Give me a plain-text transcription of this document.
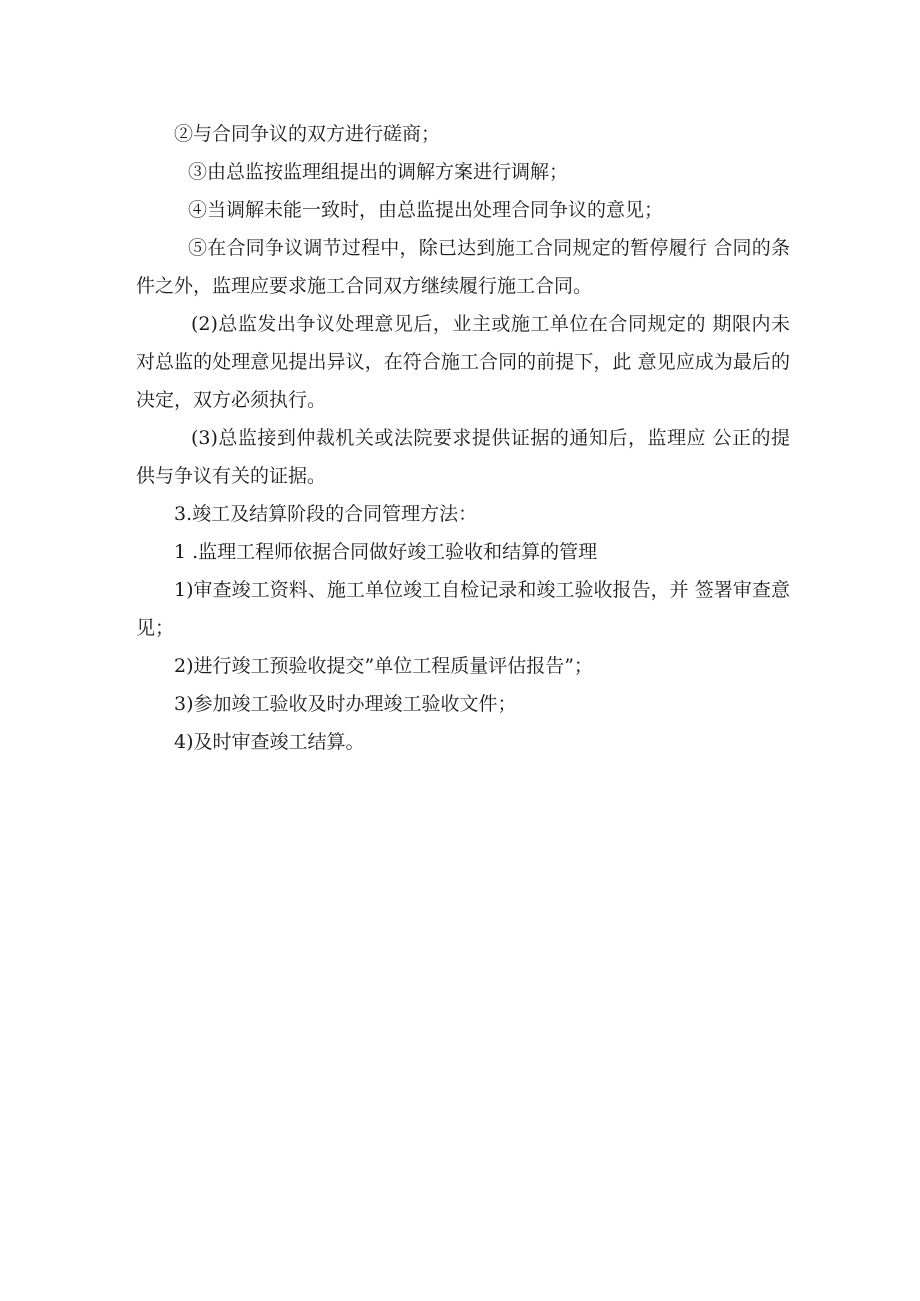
②与合同争议的双方进行磋商；

③由总监按监理组提出的调解方案进行调解；

④当调解未能一致时，由总监提出处理合同争议的意见；

⑤在合同争议调节过程中，除已达到施工合同规定的暂停履行 合同的条件之外，监理应要求施工合同双方继续履行施工合同。

(2)总监发出争议处理意见后，业主或施工单位在合同规定的 期限内未对总监的处理意见提出异议，在符合施工合同的前提下，此 意见应成为最后的决定，双方必须执行。

(3)总监接到仲裁机关或法院要求提供证据的通知后，监理应 公正的提供与争议有关的证据。

3.竣工及结算阶段的合同管理方法：

1 .监理工程师依据合同做好竣工验收和结算的管理

1)审查竣工资料、施工单位竣工自检记录和竣工验收报告，并 签署审查意见；

2)进行竣工预验收提交”单位工程质量评估报告”；

3)参加竣工验收及时办理竣工验收文件；

4)及时审查竣工结算。
